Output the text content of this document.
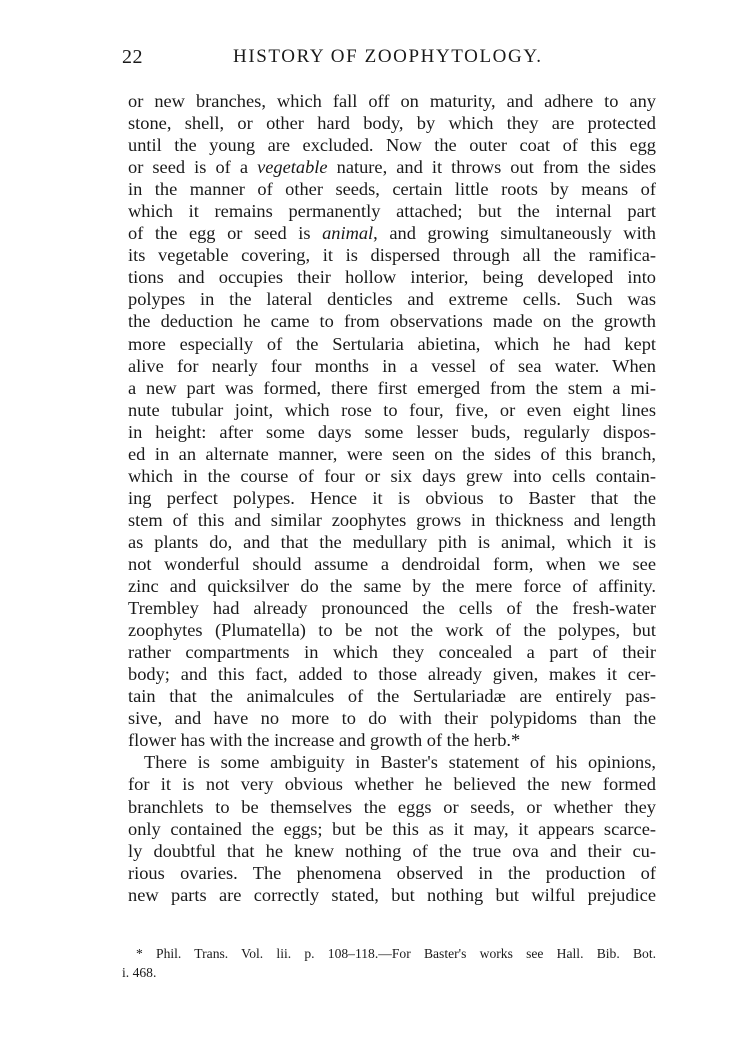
22	HISTORY OF ZOOPHYTOLOGY.
or new branches, which fall off on maturity, and adhere to any
stone, shell, or other hard body, by which they are protected
until the young are excluded. Now the outer coat of this egg
or seed is of a vegetable nature, and it throws out from the sides
in the manner of other seeds, certain little roots by means of
which it remains permanently attached; but the internal part
of the egg or seed is animal, and growing simultaneously with
its vegetable covering, it is dispersed through all the ramifica-
tions and occupies their hollow interior, being developed into
polypes in the lateral denticles and extreme cells. Such was
the deduction he came to from observations made on the growth
more especially of the Sertularia abietina, which he had kept
alive for nearly four months in a vessel of sea water. When
a new part was formed, there first emerged from the stem a mi-
nute tubular joint, which rose to four, five, or even eight lines
in height: after some days some lesser buds, regularly dispos-
ed in an alternate manner, were seen on the sides of this branch,
which in the course of four or six days grew into cells contain-
ing perfect polypes. Hence it is obvious to Baster that the
stem of this and similar zoophytes grows in thickness and length
as plants do, and that the medullary pith is animal, which it is
not wonderful should assume a dendroidal form, when we see
zinc and quicksilver do the same by the mere force of affinity.
Trembley had already pronounced the cells of the fresh-water
zoophytes (Plumatella) to be not the work of the polypes, but
rather compartments in which they concealed a part of their
body; and this fact, added to those already given, makes it cer-
tain that the animalcules of the Sertulariadæ are entirely pas-
sive, and have no more to do with their polypidoms than the
flower has with the increase and growth of the herb.*
There is some ambiguity in Baster's statement of his opinions,
for it is not very obvious whether he believed the new formed
branchlets to be themselves the eggs or seeds, or whether they
only contained the eggs; but be this as it may, it appears scarce-
ly doubtful that he knew nothing of the true ova and their cu-
rious ovaries. The phenomena observed in the production of
new parts are correctly stated, but nothing but wilful prejudice
* Phil. Trans. Vol. lii. p. 108–118.—For Baster's works see Hall. Bib. Bot.
i. 468.
